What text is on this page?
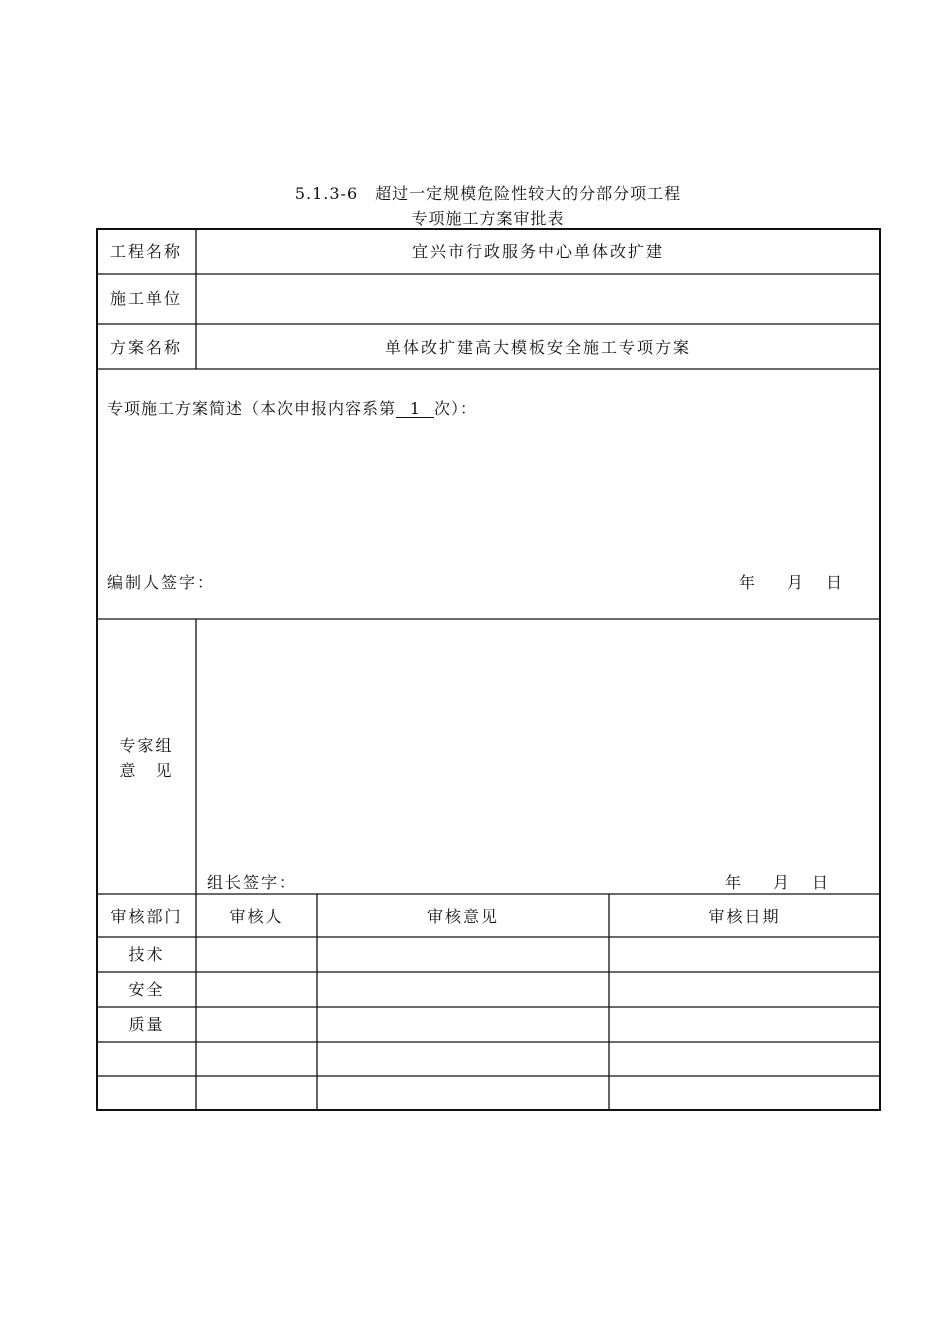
5.1.3-6　超过一定规模危险性较大的分部分项工程
专项施工方案审批表
工程名称	宜兴市行政服务中心单体改扩建
施工单位
方案名称	单体改扩建高大模板安全施工专项方案
专项施工方案简述（本次申报内容系第 1 次）：
编制人签字：	年 月 日
专家组
意　见
组长签字：	年 月 日
审核部门	审核人	审核意见	审核日期
技术
安全
质量
